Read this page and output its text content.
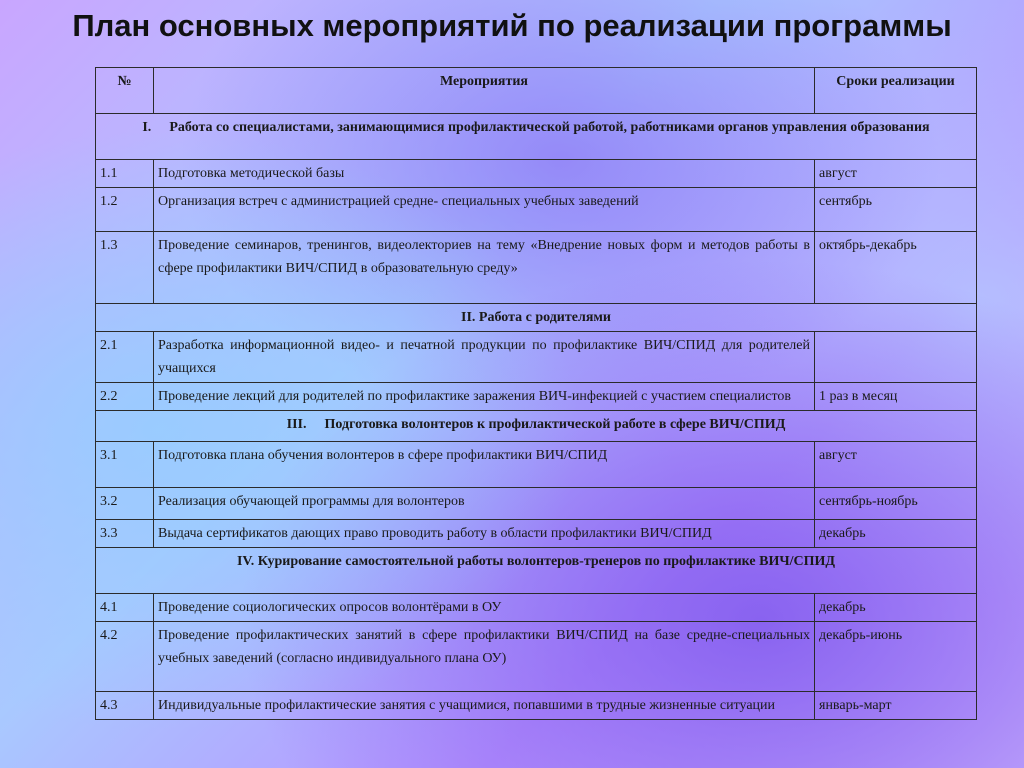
План основных мероприятий по реализации программы
№	Мероприятия	Сроки реализации
I. Работа со специалистами, занимающимися профилактической работой, работниками органов управления образования		
1.1	Подготовка методической базы	август
1.2	Организация встреч с администрацией средне- специальных учебных заведений	сентябрь
1.3	Проведение семинаров, тренингов, видеолекториев на тему «Внедрение новых форм и методов работы в сфере профилактики ВИЧ/СПИД в образовательную среду»	октябрь-декабрь
II. Работа с родителями		
2.1	Разработка информационной видео- и печатной продукции по профилактике ВИЧ/СПИД для родителей учащихся	
2.2	Проведение лекций для родителей по профилактике заражения ВИЧ-инфекцией с участием специалистов	1 раз в месяц
III. Подготовка волонтеров к профилактической работе в сфере ВИЧ/СПИД		
3.1	Подготовка плана обучения волонтеров в сфере профилактики ВИЧ/СПИД	август
3.2	Реализация обучающей программы для волонтеров	сентябрь-ноябрь
3.3	Выдача сертификатов дающих право проводить работу в области профилактики ВИЧ/СПИД	декабрь
IV. Курирование самостоятельной работы волонтеров-тренеров по профилактике ВИЧ/СПИД		
4.1	Проведение социологических опросов волонтёрами в ОУ	декабрь
4.2	Проведение профилактических занятий в сфере профилактики ВИЧ/СПИД на базе средне-специальных учебных заведений (согласно индивидуального плана ОУ)	декабрь-июнь
4.3	Индивидуальные профилактические занятия с учащимися, попавшими в трудные жизненные ситуации	январь-март
